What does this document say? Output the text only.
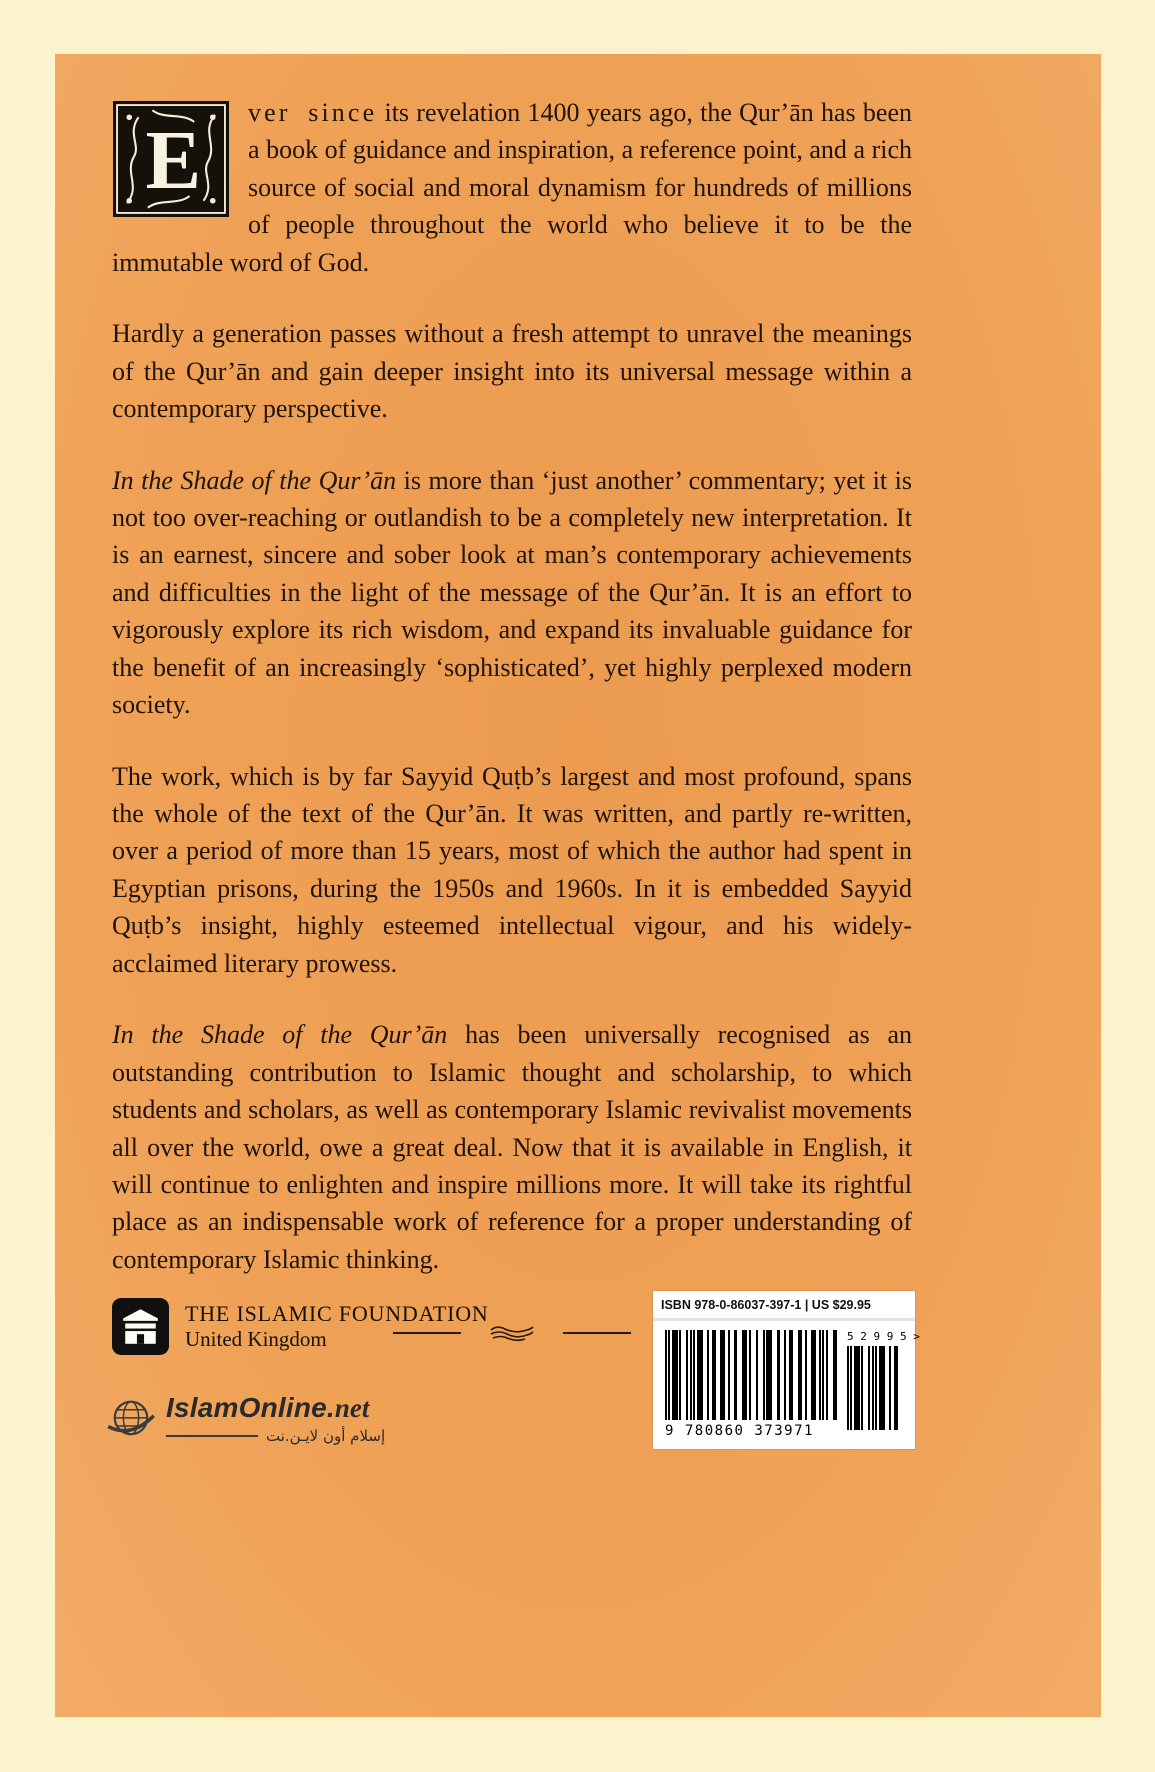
E
ver since its revelation 1400 years ago, the Qur’ān has been a book of guidance and inspiration, a reference point, and a rich source of social and moral dynamism for hundreds of millions of people throughout the world who believe it to be the immutable word of God.

Hardly a generation passes without a fresh attempt to unravel the meanings of the Qur’ān and gain deeper insight into its universal message within a contemporary perspective.

In the Shade of the Qur’ān is more than ‘just another’ commentary; yet it is not too over-reaching or outlandish to be a completely new interpretation. It is an earnest, sincere and sober look at man’s contemporary achievements and difficulties in the light of the message of the Qur’ān. It is an effort to vigorously explore its rich wisdom, and expand its invaluable guidance for the benefit of an increasingly ‘sophisticated’, yet highly perplexed modern society.

The work, which is by far Sayyid Quṭb’s largest and most profound, spans the whole of the text of the Qur’ān. It was written, and partly re-written, over a period of more than 15 years, most of which the author had spent in Egyptian prisons, during the 1950s and 1960s. In it is embedded Sayyid Quṭb’s insight, highly esteemed intellectual vigour, and his widely-acclaimed literary prowess.

In the Shade of the Qur’ān has been universally recognised as an outstanding contribution to Islamic thought and scholarship, to which students and scholars, as well as contemporary Islamic revivalist movements all over the world, owe a great deal. Now that it is available in English, it will continue to enlighten and inspire millions more. It will take its rightful place as an indispensable work of reference for a proper understanding of contemporary Islamic thinking.

THE ISLAMIC FOUNDATION
United Kingdom
IslamOnline. net
إسلام أون لايـن.نت
ISBN 978-0-86037-397-1 | US $29.95
9 780860 373971
5 2 9 9 5 >
